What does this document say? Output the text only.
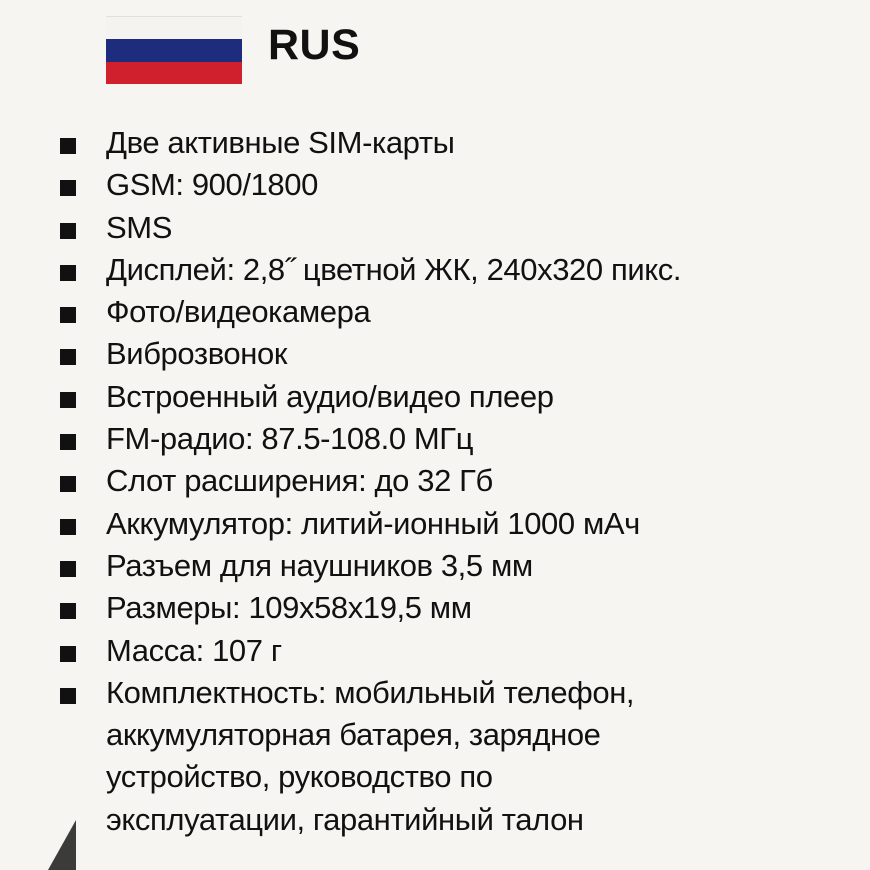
RUS
Две активные SIM-карты
GSM: 900/1800
SMS
Дисплей: 2,8˝ цветной ЖК, 240x320 пикс.
Фото/видеокамера
Виброзвонок
Встроенный аудио/видео плеер
FM-радио: 87.5-108.0 МГц
Слот расширения: до 32 Гб
Аккумулятор: литий-ионный 1000 мАч
Разъем для наушников 3,5 мм
Размеры: 109x58x19,5 мм
Масса: 107 г
Комплектность: мобильный телефон,
аккумуляторная батарея, зарядное
устройство, руководство по
эксплуатации, гарантийный талон
